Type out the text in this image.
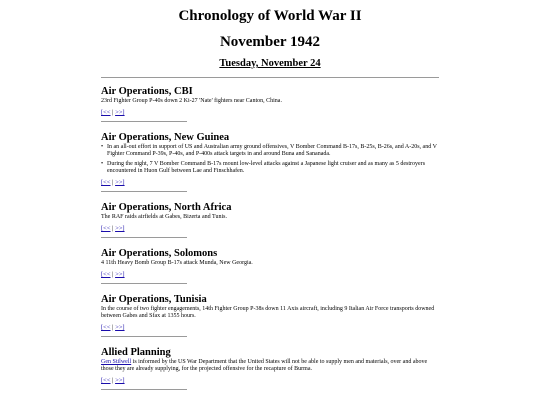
Chronology of World War II
November 1942
Tuesday, November 24
Air Operations, CBI
23rd Fighter Group P-40s down 2 Ki-27 'Nate' fighters near Canton, China.
[<< | >>]
Air Operations, New Guinea
• In an all-out effort in support of US and Australian army ground offensives, V Bomber Command B-17s, B-25s, B-26s, and A-20s, and V Fighter Command P-39s, P-40s, and P-400s attack targets in and around Buna and Sananada.
• During the night, 7 V Bomber Command B-17s mount low-level attacks against a Japanese light cruiser and as many as 5 destroyers encountered in Huon Gulf between Lae and Finschhafen.
[<< | >>]
Air Operations, North Africa
The RAF raids airfields at Gabes, Bizerta and Tunis.
[<< | >>]
Air Operations, Solomons
4 11th Heavy Bomb Group B-17s attack Munda, New Georgia.
[<< | >>]
Air Operations, Tunisia
In the course of two fighter engagements, 14th Fighter Group P-38s down 11 Axis aircraft, including 9 Italian Air Force transports downed between Gabes and Sfax at 1355 hours.
[<< | >>]
Allied Planning
Gen Stilwell is informed by the US War Department that the United States will not be able to supply men and materials, over and above those they are already supplying, for the projected offensive for the recapture of Burma.
[<< | >>]
